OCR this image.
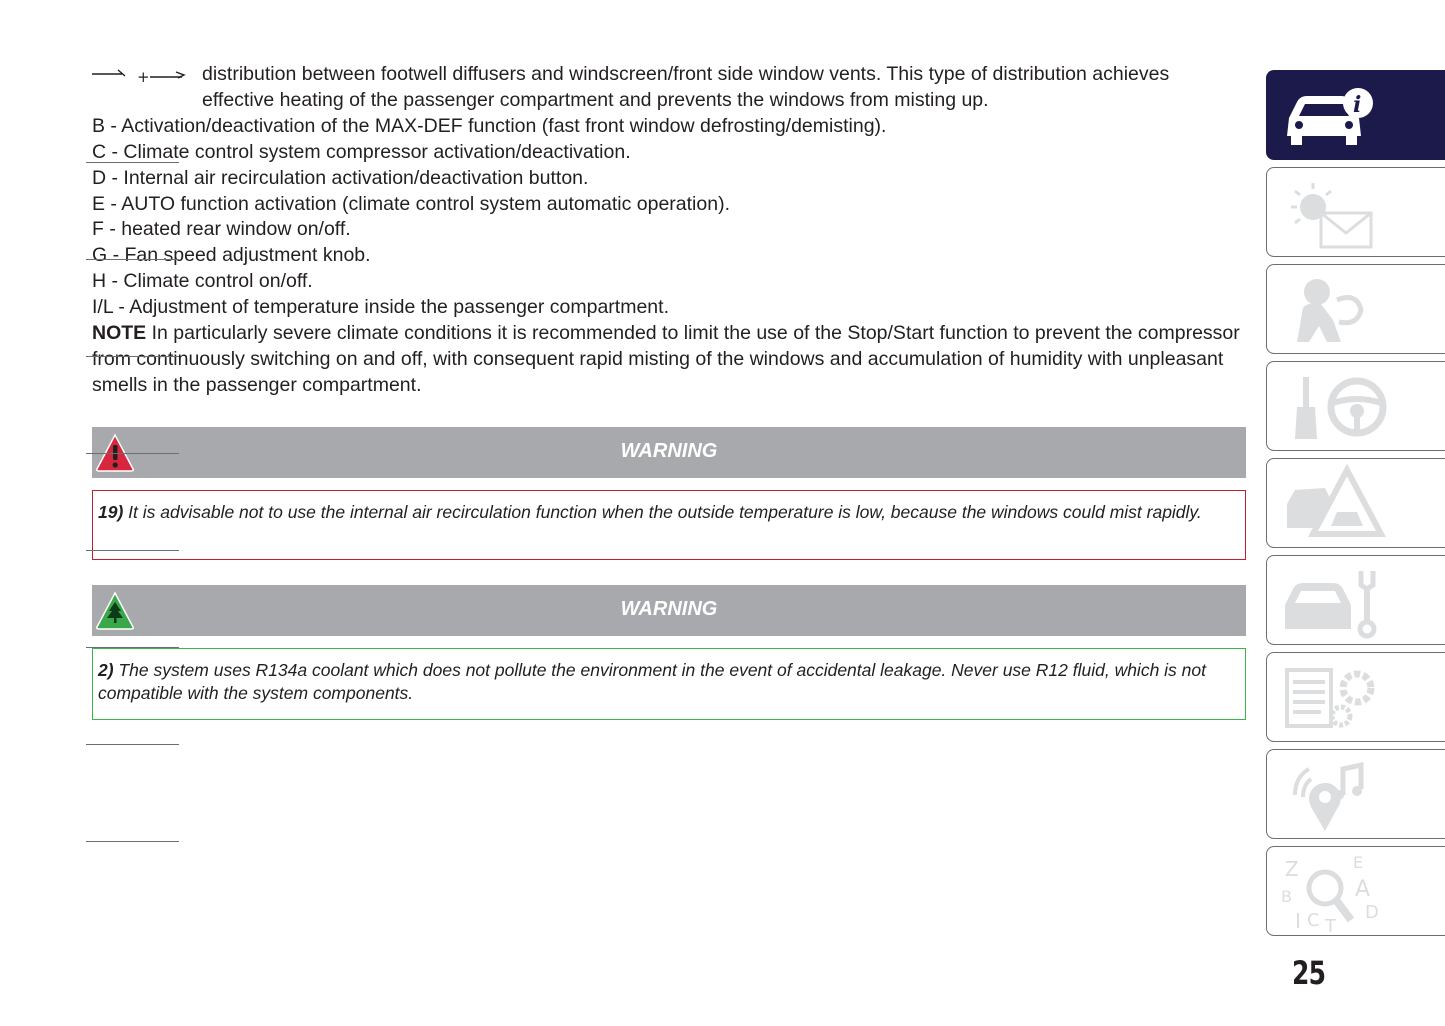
+	distribution between footwell diffusers and windscreen/front side window vents. This type of distribution achieves
effective heating of the passenger compartment and prevents the windows from misting up.
B - Activation/deactivation of the MAX-DEF function (fast front window defrosting/demisting).
C - Climate control system compressor activation/deactivation.
D - Internal air recirculation activation/deactivation button.
E - AUTO function activation (climate control system automatic operation).
F - heated rear window on/off.
G - Fan speed adjustment knob.
H - Climate control on/off.
I/L - Adjustment of temperature inside the passenger compartment.
NOTE In particularly severe climate conditions it is recommended to limit the use of the Stop/Start function to prevent the compressor from continuously switching on and off, with consequent rapid misting of the windows and accumulation of humidity with unpleasant smells in the passenger compartment.
WARNING
19) It is advisable not to use the internal air recirculation function when the outside temperature is low, because the windows could mist rapidly.
WARNING
2) The system uses R134a coolant which does not pollute the environment in the event of accidental leakage. Never use R12 fluid, which is not compatible with the system components.
i
Z	E
A
B
I C T
D
25
